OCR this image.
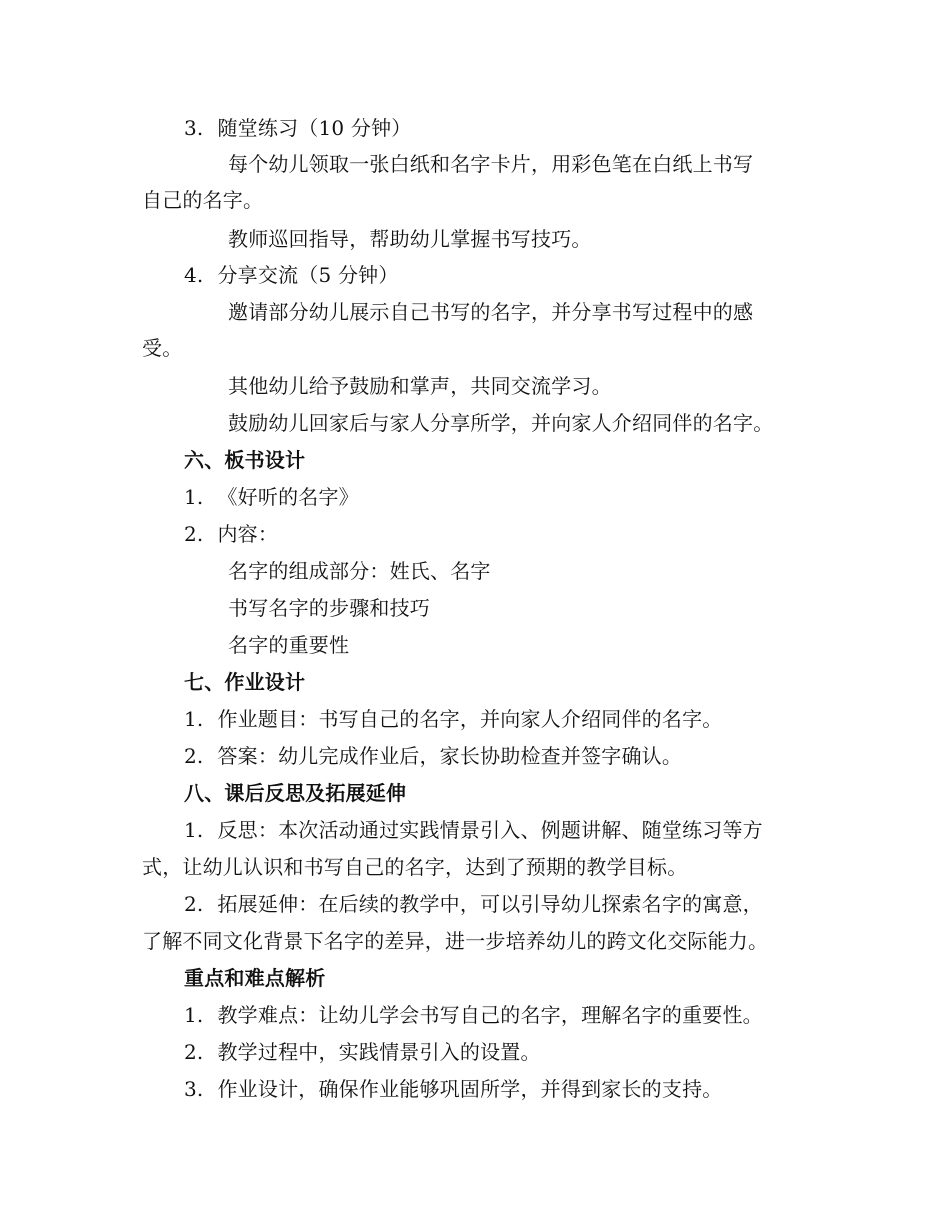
3. 随堂练习（10 分钟）
每个幼儿领取一张白纸和名字卡片，用彩色笔在白纸上书写
自己的名字。
教师巡回指导，帮助幼儿掌握书写技巧。
4. 分享交流（5 分钟）
邀请部分幼儿展示自己书写的名字，并分享书写过程中的感
受。
其他幼儿给予鼓励和掌声，共同交流学习。
鼓励幼儿回家后与家人分享所学，并向家人介绍同伴的名字。
六、板书设计
1. 《好听的名字》
2. 内容：
名字的组成部分：姓氏、名字
书写名字的步骤和技巧
名字的重要性
七、作业设计
1. 作业题目：书写自己的名字，并向家人介绍同伴的名字。
2. 答案：幼儿完成作业后，家长协助检查并签字确认。
八、课后反思及拓展延伸
1. 反思：本次活动通过实践情景引入、例题讲解、随堂练习等方
式，让幼儿认识和书写自己的名字，达到了预期的教学目标。
2. 拓展延伸：在后续的教学中，可以引导幼儿探索名字的寓意，
了解不同文化背景下名字的差异，进一步培养幼儿的跨文化交际能力。
重点和难点解析
1. 教学难点：让幼儿学会书写自己的名字，理解名字的重要性。
2. 教学过程中，实践情景引入的设置。
3. 作业设计，确保作业能够巩固所学，并得到家长的支持。
